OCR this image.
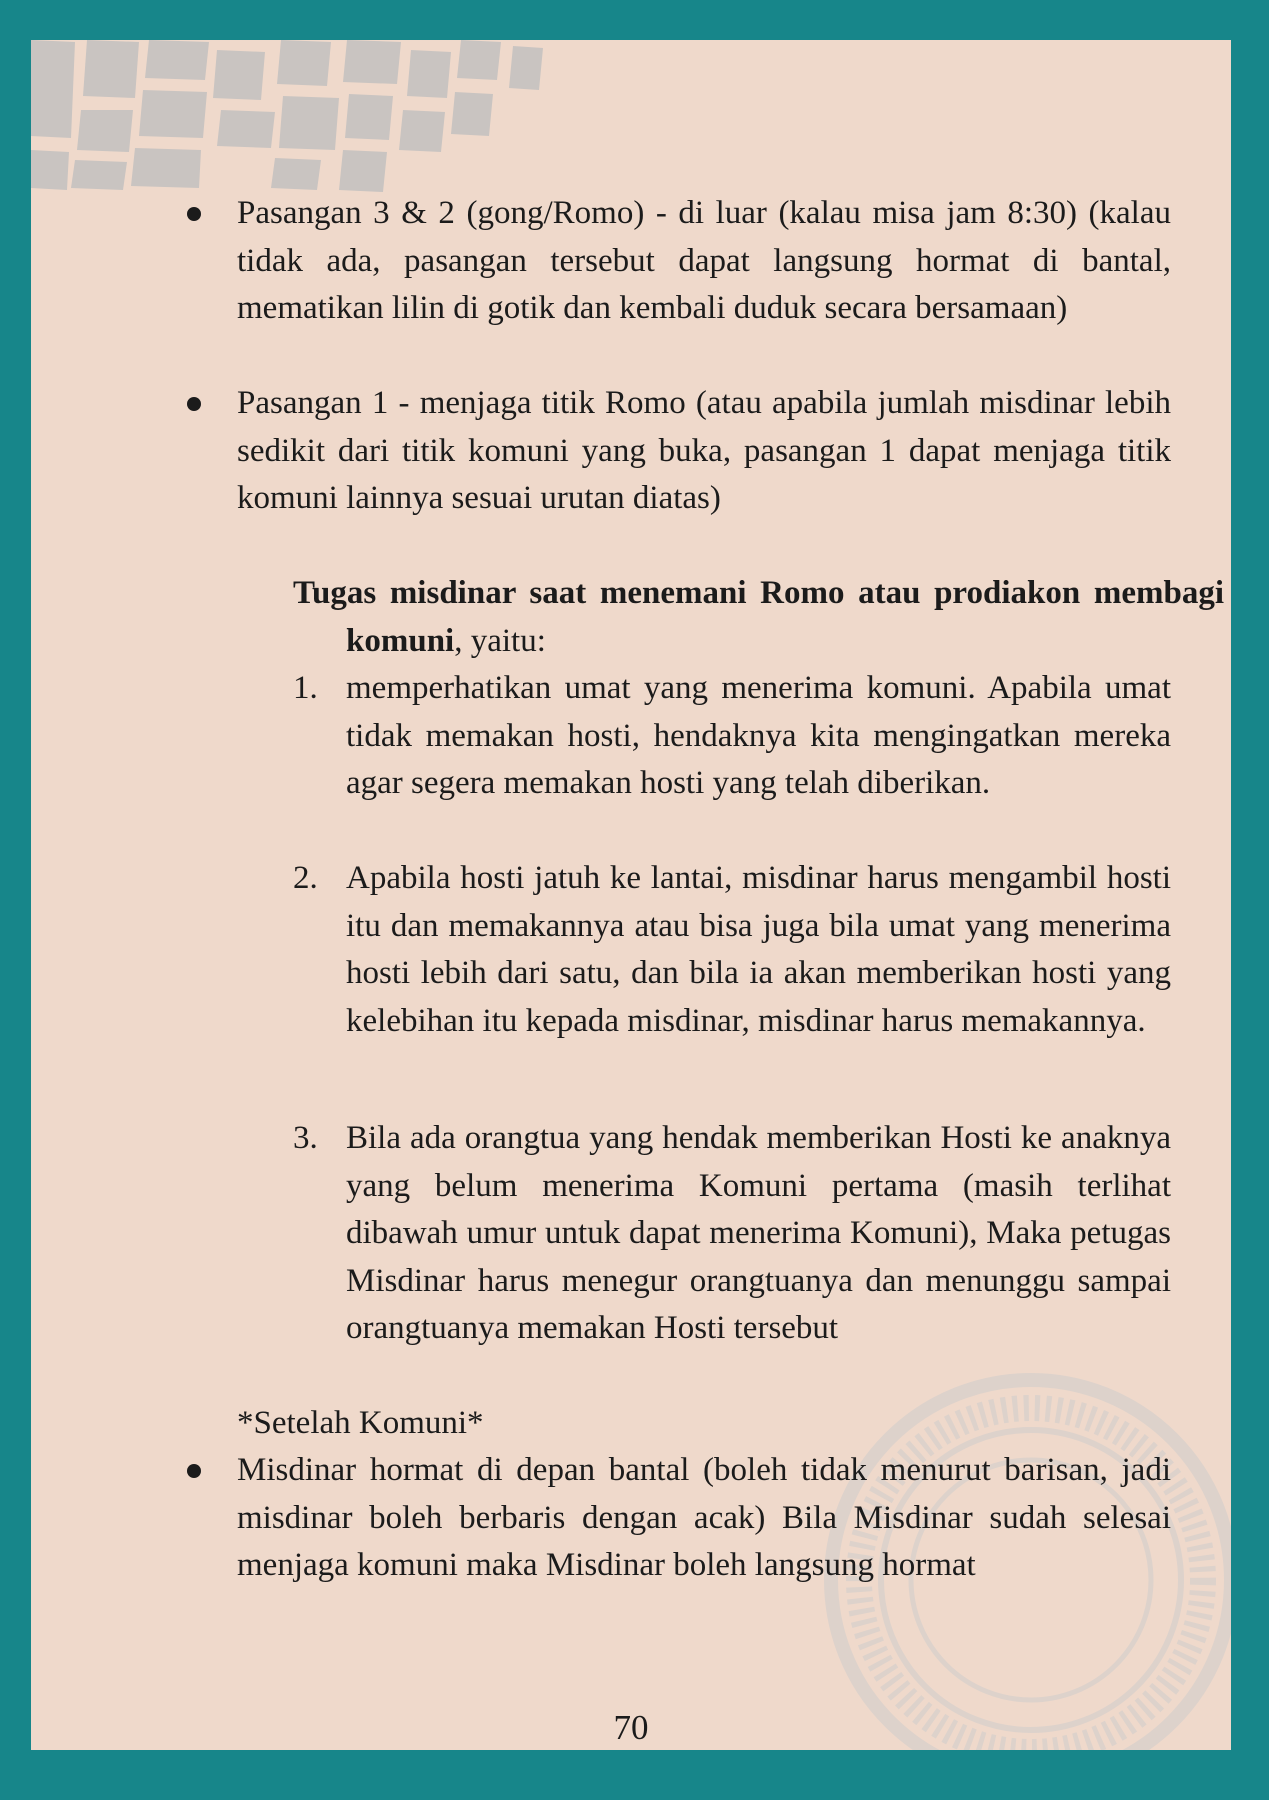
Pasangan 3 & 2 (gong/Romo) - di luar (kalau misa jam 8:30) (kalau tidak ada, pasangan tersebut dapat langsung hormat di bantal, mematikan lilin di gotik dan kembali duduk secara bersamaan)
Pasangan 1 - menjaga titik Romo (atau apabila jumlah misdinar lebih sedikit dari titik komuni yang buka, pasangan 1 dapat menjaga titik komuni lainnya sesuai urutan diatas)
Tugas misdinar saat menemani Romo atau prodiakon membagi komuni, yaitu:
1. memperhatikan umat yang menerima komuni. Apabila umat tidak memakan hosti, hendaknya kita mengingatkan mereka agar segera memakan hosti yang telah diberikan.
2. Apabila hosti jatuh ke lantai, misdinar harus mengambil hosti itu dan memakannya atau bisa juga bila umat yang menerima hosti lebih dari satu, dan bila ia akan memberikan hosti yang kelebihan itu kepada misdinar, misdinar harus memakannya.
3. Bila ada orangtua yang hendak memberikan Hosti ke anaknya yang belum menerima Komuni pertama (masih terlihat dibawah umur untuk dapat menerima Komuni), Maka petugas Misdinar harus menegur orangtuanya dan menunggu sampai orangtuanya memakan Hosti tersebut
*Setelah Komuni*
Misdinar hormat di depan bantal (boleh tidak menurut barisan, jadi misdinar boleh berbaris dengan acak) Bila Misdinar sudah selesai menjaga komuni maka Misdinar boleh langsung hormat
70
